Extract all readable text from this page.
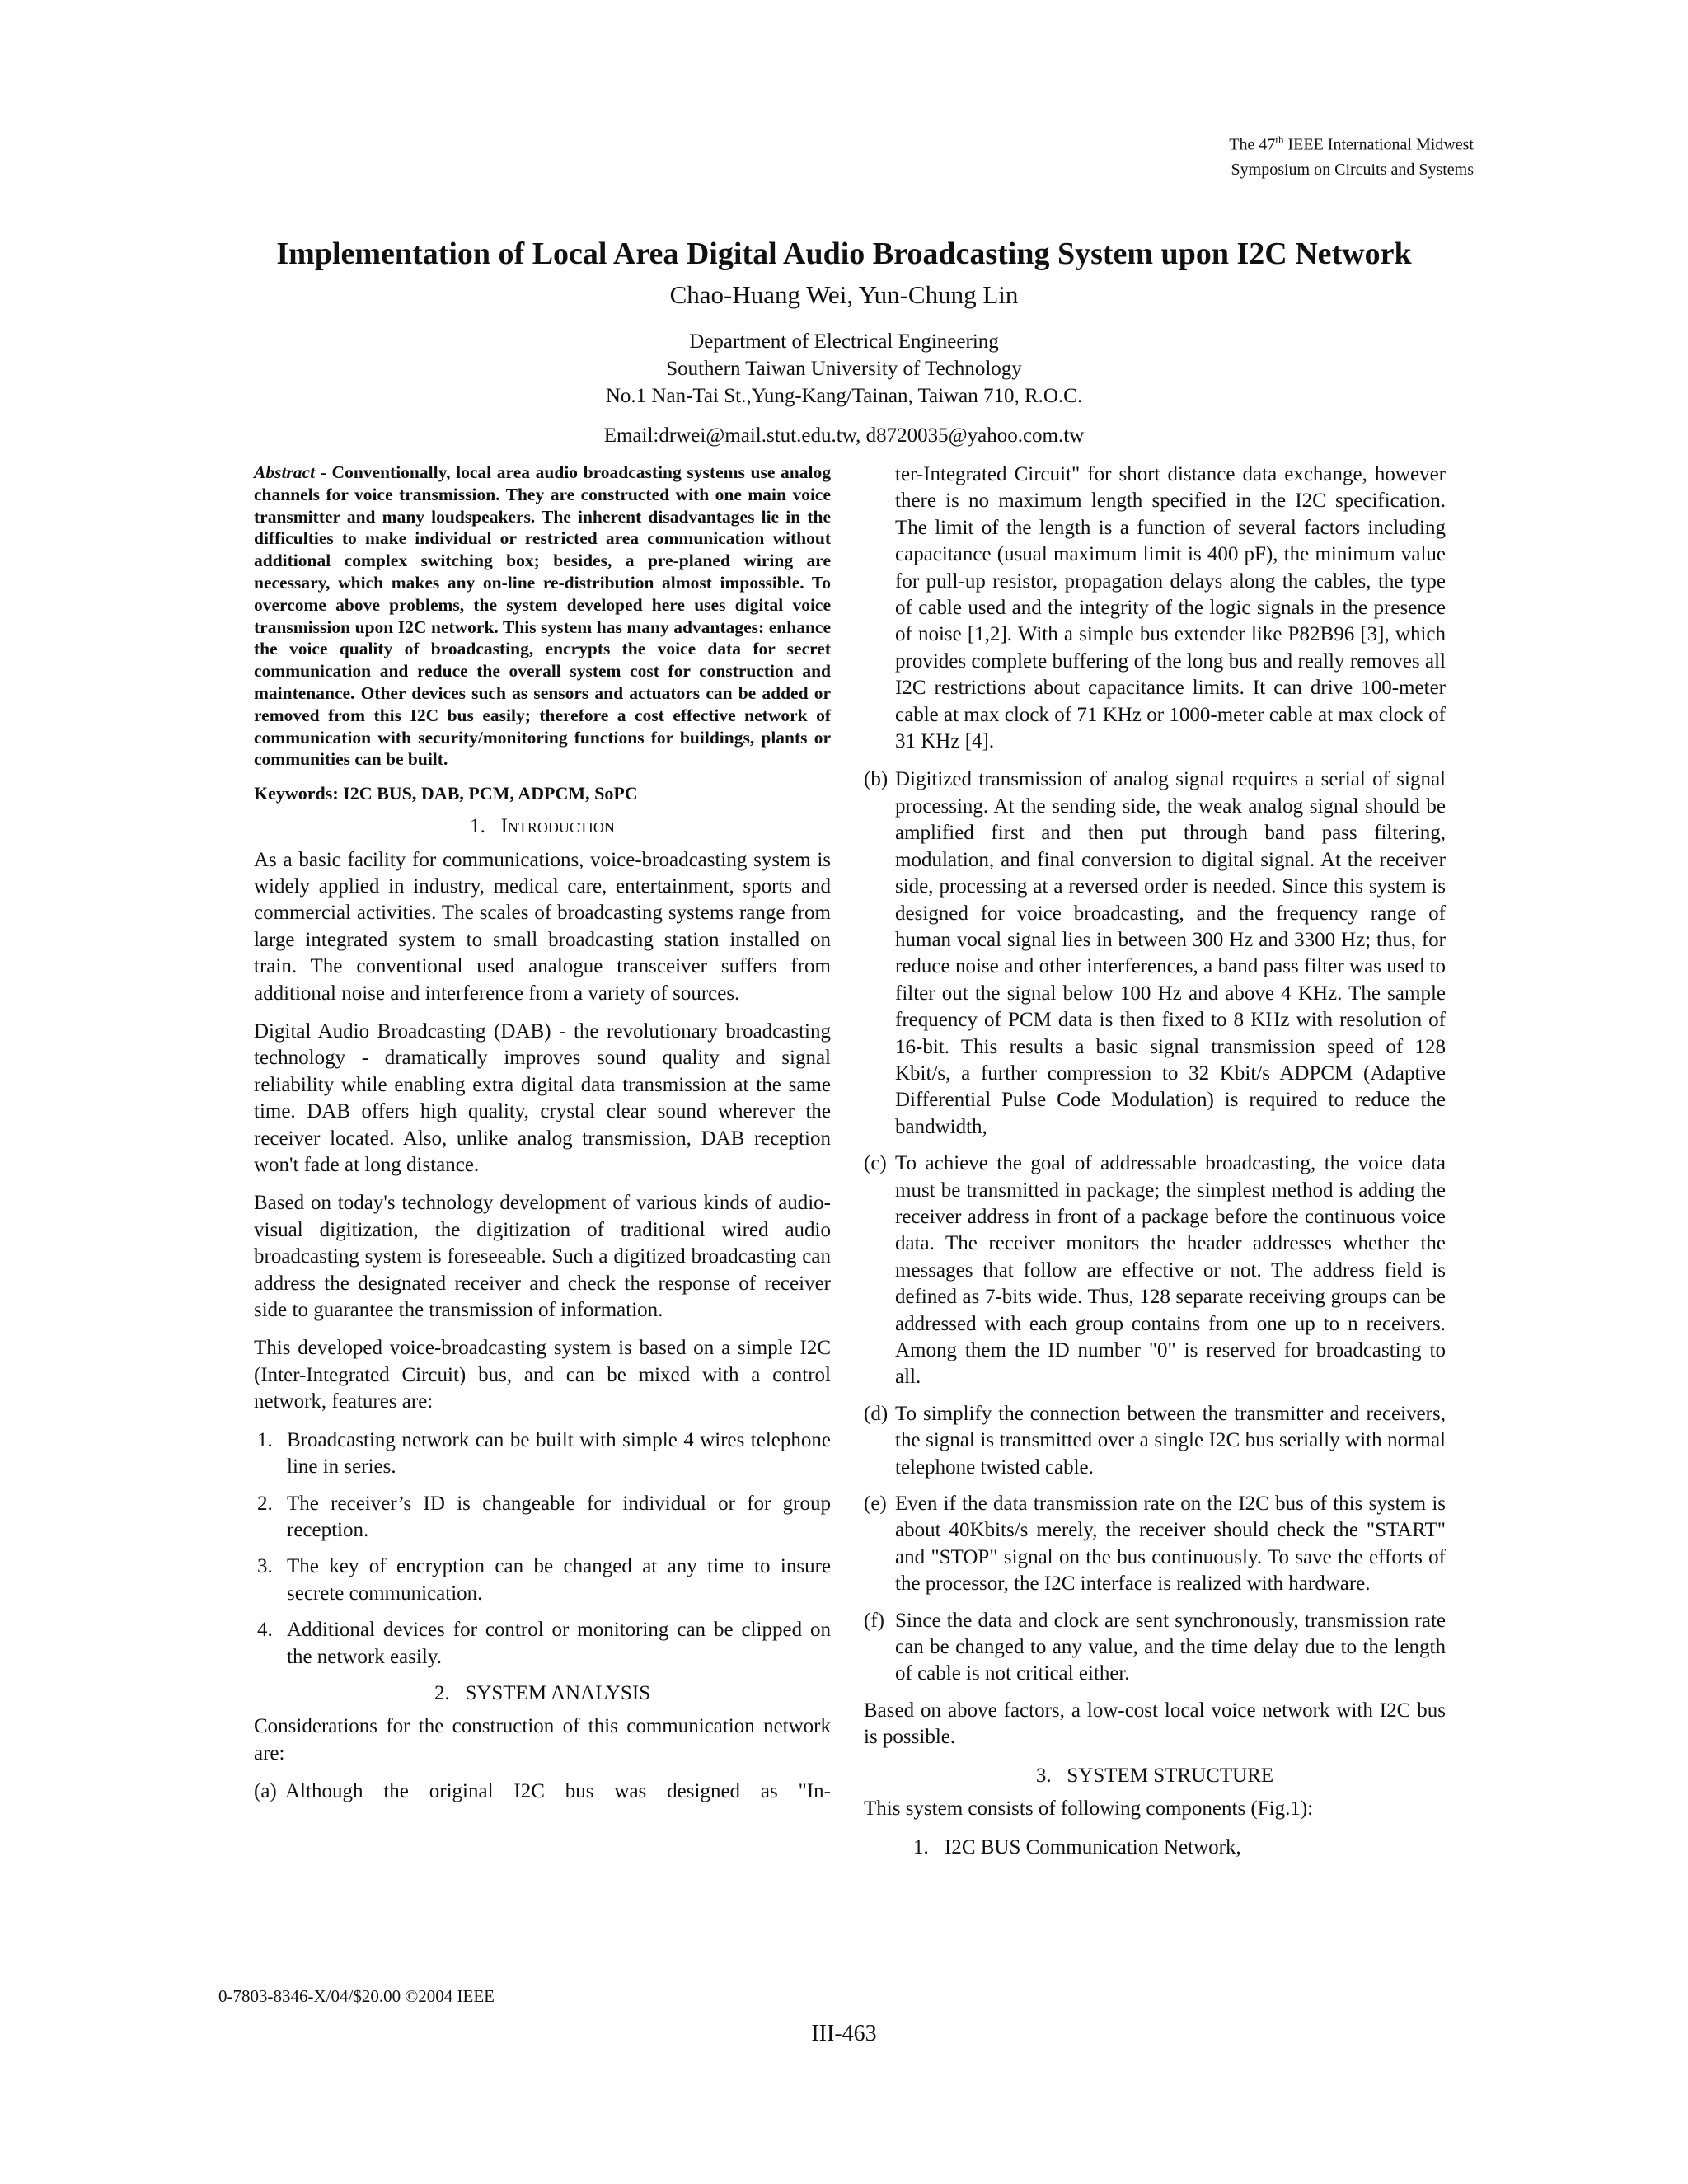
The 47th IEEE International Midwest
Symposium on Circuits and Systems
Implementation of Local Area Digital Audio Broadcasting System upon I2C Network
Chao-Huang Wei, Yun-Chung Lin
Department of Electrical Engineering
Southern Taiwan University of Technology
No.1 Nan-Tai St.,Yung-Kang/Tainan, Taiwan 710, R.O.C.
Email:drwei@mail.stut.edu.tw, d8720035@yahoo.com.tw
Abstract - Conventionally, local area audio broadcasting systems use analog channels for voice transmission. They are constructed with one main voice transmitter and many loudspeakers. The inherent disadvantages lie in the difficulties to make individual or restricted area communication without additional complex switching box; besides, a pre-planed wiring are necessary, which makes any on-line re-distribution almost impossible. To overcome above problems, the system developed here uses digital voice transmission upon I2C network. This system has many advantages: enhance the voice quality of broadcasting, encrypts the voice data for secret communication and reduce the overall system cost for construction and maintenance. Other devices such as sensors and actuators can be added or removed from this I2C bus easily; therefore a cost effective network of communication with security/monitoring functions for buildings, plants or communities can be built.
Keywords: I2C BUS, DAB, PCM, ADPCM, SoPC
1. Introduction

As a basic facility for communications, voice-broadcasting system is widely applied in industry, medical care, entertainment, sports and commercial activities. The scales of broadcasting systems range from large integrated system to small broadcasting station installed on train. The conventional used analogue transceiver suffers from additional noise and interference from a variety of sources.

Digital Audio Broadcasting (DAB) - the revolutionary broadcasting technology - dramatically improves sound quality and signal reliability while enabling extra digital data transmission at the same time. DAB offers high quality, crystal clear sound wherever the receiver located. Also, unlike analog transmission, DAB reception won't fade at long distance.

Based on today's technology development of various kinds of audio-visual digitization, the digitization of traditional wired audio broadcasting system is foreseeable. Such a digitized broadcasting can address the designated receiver and check the response of receiver side to guarantee the transmission of information.

This developed voice-broadcasting system is based on a simple I2C (Inter-Integrated Circuit) bus, and can be mixed with a control network, features are:

1. Broadcasting network can be built with simple 4 wires telephone line in series.
2. The receiver’s ID is changeable for individual or for group reception.
3. The key of encryption can be changed at any time to insure secrete communication.
4. Additional devices for control or monitoring can be clipped on the network easily.
2. SYSTEM ANALYSIS

Considerations for the construction of this communication network are:

(a) Although the original I2C bus was designed as "In-
ter-Integrated Circuit" for short distance data exchange, however there is no maximum length specified in the I2C specification. The limit of the length is a function of several factors including capacitance (usual maximum limit is 400 pF), the minimum value for pull-up resistor, propagation delays along the cables, the type of cable used and the integrity of the logic signals in the presence of noise [1,2]. With a simple bus extender like P82B96 [3], which provides complete buffering of the long bus and really removes all I2C restrictions about capacitance limits. It can drive 100-meter cable at max clock of 71 KHz or 1000-meter cable at max clock of 31 KHz [4].
(b) Digitized transmission of analog signal requires a serial of signal processing. At the sending side, the weak analog signal should be amplified first and then put through band pass filtering, modulation, and final conversion to digital signal. At the receiver side, processing at a reversed order is needed. Since this system is designed for voice broadcasting, and the frequency range of human vocal signal lies in between 300 Hz and 3300 Hz; thus, for reduce noise and other interferences, a band pass filter was used to filter out the signal below 100 Hz and above 4 KHz. The sample frequency of PCM data is then fixed to 8 KHz with resolution of 16-bit. This results a basic signal transmission speed of 128 Kbit/s, a further compression to 32 Kbit/s ADPCM (Adaptive Differential Pulse Code Modulation) is required to reduce the bandwidth,
(c) To achieve the goal of addressable broadcasting, the voice data must be transmitted in package; the simplest method is adding the receiver address in front of a package before the continuous voice data. The receiver monitors the header addresses whether the messages that follow are effective or not. The address field is defined as 7-bits wide. Thus, 128 separate receiving groups can be addressed with each group contains from one up to n receivers. Among them the ID number "0" is reserved for broadcasting to all.
(d) To simplify the connection between the transmitter and receivers, the signal is transmitted over a single I2C bus serially with normal telephone twisted cable.
(e) Even if the data transmission rate on the I2C bus of this system is about 40Kbits/s merely, the receiver should check the "START" and "STOP" signal on the bus continuously. To save the efforts of the processor, the I2C interface is realized with hardware.
(f) Since the data and clock are sent synchronously, transmission rate can be changed to any value, and the time delay due to the length of cable is not critical either.

Based on above factors, a low-cost local voice network with I2C bus is possible.

3. SYSTEM STRUCTURE

This system consists of following components (Fig.1):

1. I2C BUS Communication Network,
0-7803-8346-X/04/$20.00 ©2004 IEEE
III-463
